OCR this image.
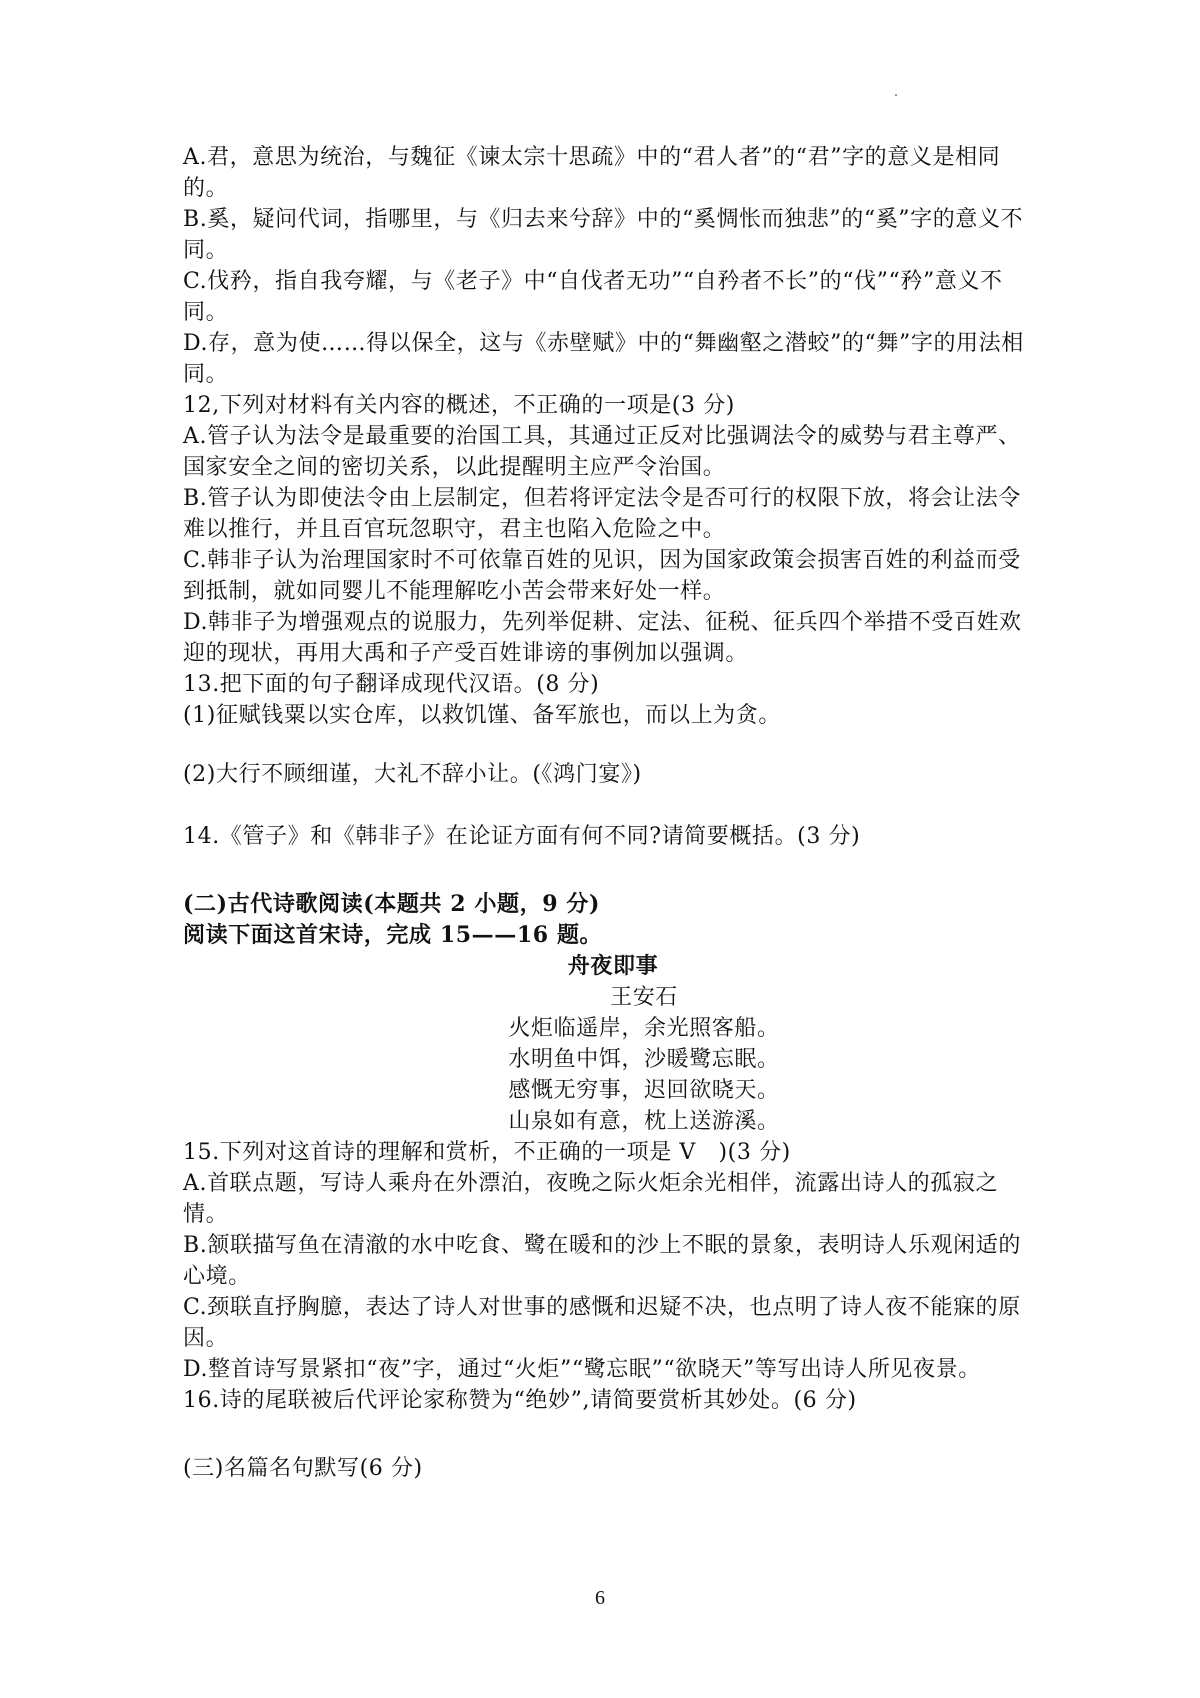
A.君，意思为统治，与魏征《谏太宗十思疏》中的“君人者”的“君”字的意义是相同的。

B.奚，疑问代词，指哪里，与《归去来兮辞》中的“奚惆怅而独悲”的“奚”字的意义不同。

C.伐矜，指自我夸耀，与《老子》中“自伐者无功”“自矜者不长”的“伐”“矜”意义不同。

D.存，意为使……得以保全，这与《赤壁赋》中的“舞幽壑之潜蛟”的“舞”字的用法相同。

12,下列对材料有关内容的概述，不正确的一项是(3 分)

A.管子认为法令是最重要的治国工具，其通过正反对比强调法令的威势与君主尊严、国家安全之间的密切关系，以此提醒明主应严令治国。

B.管子认为即使法令由上层制定，但若将评定法令是否可行的权限下放，将会让法令难以推行，并且百官玩忽职守，君主也陷入危险之中。

C.韩非子认为治理国家时不可依靠百姓的见识，因为国家政策会损害百姓的利益而受到抵制，就如同婴儿不能理解吃小苦会带来好处一样。

D.韩非子为增强观点的说服力，先列举促耕、定法、征税、征兵四个举措不受百姓欢迎的现状，再用大禹和子产受百姓诽谤的事例加以强调。

13.把下面的句子翻译成现代汉语。(8 分)

(1)征赋钱粟以实仓库，以救饥馑、备军旅也，而以上为贪。

(2)大行不顾细谨，大礼不辞小让。(《鸿门宴》)

14.《管子》和《韩非子》在论证方面有何不同?请简要概括。(3 分)

(二)古代诗歌阅读(本题共 2 小题，9 分)

阅读下面这首宋诗，完成 15——16 题。

舟夜即事

王安石

火炬临遥岸，余光照客船。

水明鱼中饵，沙暖鹭忘眠。

感慨无穷事，迟回欲晓天。

山泉如有意，枕上送游溪。

15.下列对这首诗的理解和赏析，不正确的一项是 V　)(3 分)

A.首联点题，写诗人乘舟在外漂泊，夜晚之际火炬余光相伴，流露出诗人的孤寂之情。

B.颔联描写鱼在清澈的水中吃食、鹭在暖和的沙上不眠的景象，表明诗人乐观闲适的心境。

C.颈联直抒胸臆，表达了诗人对世事的感慨和迟疑不决，也点明了诗人夜不能寐的原因。

D.整首诗写景紧扣“夜”字，通过“火炬”“鹭忘眠”“欲晓天”等写出诗人所见夜景。

16.诗的尾联被后代评论家称赞为“绝妙”,请简要赏析其妙处。(6 分)

(三)名篇名句默写(6 分)

6
